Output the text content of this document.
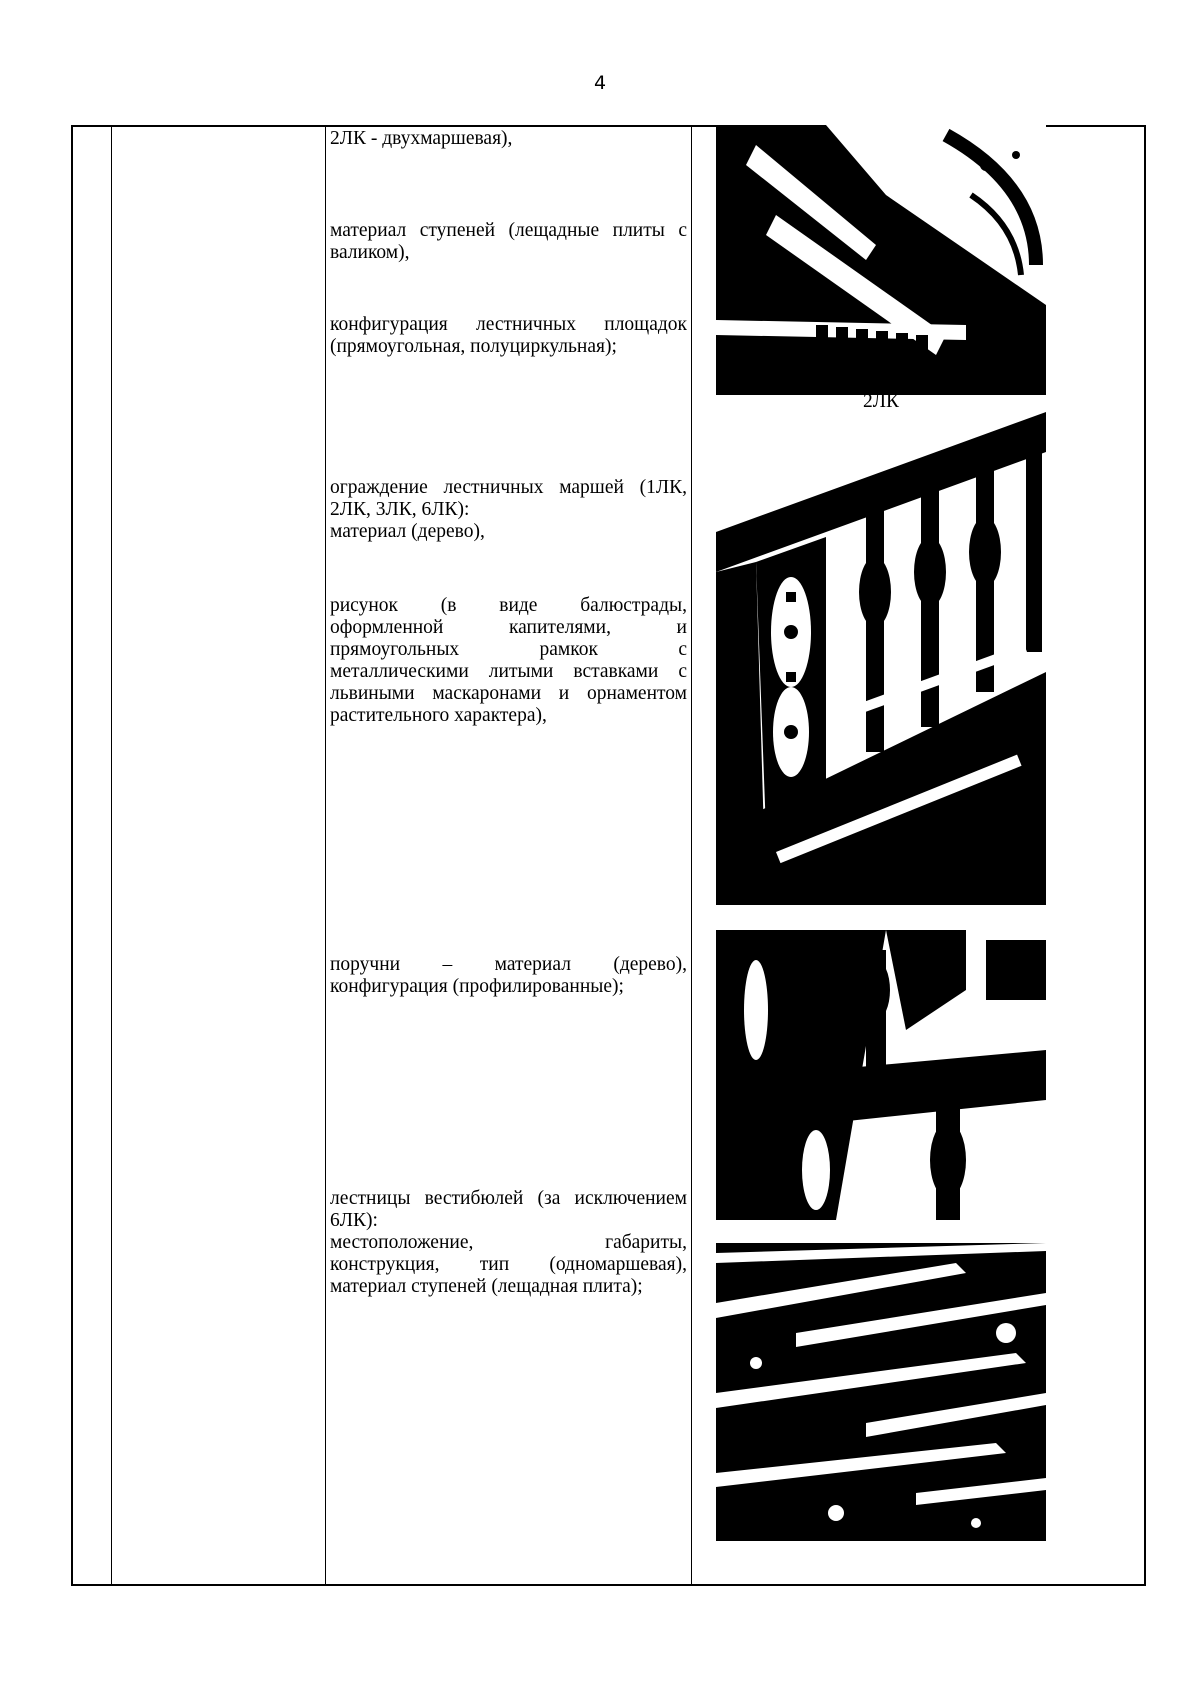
4
2ЛК - двухмаршевая),
материал ступеней (лещадные плиты с
валиком),
конфигурация лестничных площадок
(прямоугольная, полуциркульная);
ограждение лестничных маршей (1ЛК,
2ЛК, 3ЛК, 6ЛК):
материал (дерево),
рисунок (в виде балюстрады,
оформленной капителями, и
прямоугольных рамкок с
металлическими литыми вставками с
львиными маскаронами и орнаментом
растительного характера),
поручни – материал (дерево),
конфигурация (профилированные);
лестницы вестибюлей (за исключением
6ЛК):
местоположение, габариты,
конструкция, тип (одномаршевая),
материал ступеней (лещадная плита);
2ЛК
